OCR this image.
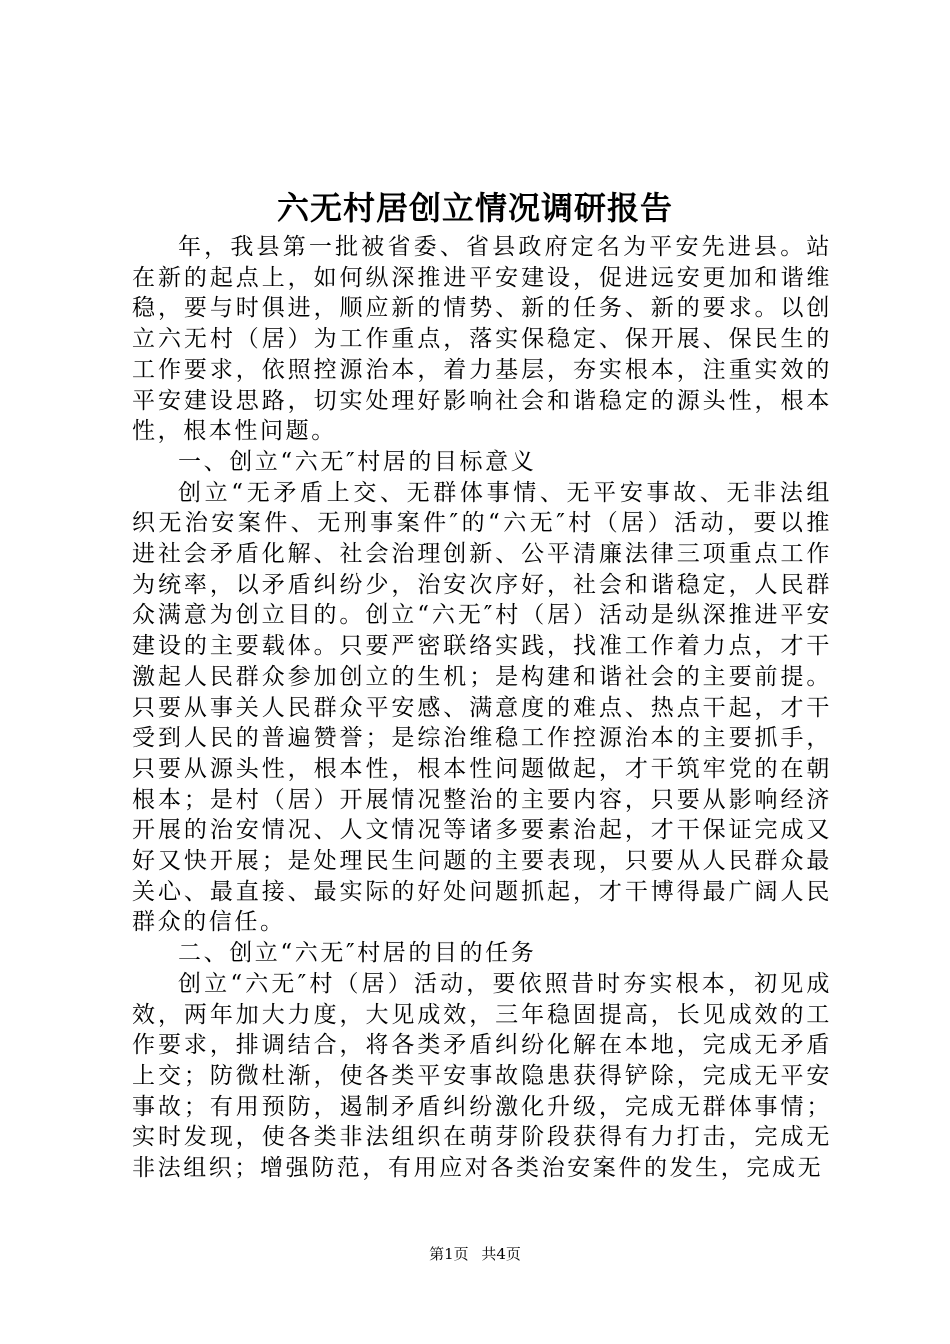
六无村居创立情况调研报告

年，我县第一批被省委、省县政府定名为平安先进县。站在新的起点上，如何纵深推进平安建设，促进远安更加和谐维稳，要与时俱进，顺应新的情势、新的任务、新的要求。以创立六无村（居）为工作重点，落实保稳定、保开展、保民生的工作要求，依照控源治本，着力基层，夯实根本，注重实效的平安建设思路，切实处理好影响社会和谐稳定的源头性，根本性，根本性问题。

一、创立“六无″村居的目标意义

创立“无矛盾上交、无群体事情、无平安事故、无非法组织无治安案件、无刑事案件″的“六无″村（居）活动，要以推进社会矛盾化解、社会治理创新、公平清廉法律三项重点工作为统率，以矛盾纠纷少，治安次序好，社会和谐稳定，人民群众满意为创立目的。创立“六无″村（居）活动是纵深推进平安建设的主要载体。只要严密联络实践，找准工作着力点，才干激起人民群众参加创立的生机；是构建和谐社会的主要前提。只要从事关人民群众平安感、满意度的难点、热点干起，才干受到人民的普遍赞誉；是综治维稳工作控源治本的主要抓手，只要从源头性，根本性，根本性问题做起，才干筑牢党的在朝根本；是村（居）开展情况整治的主要内容，只要从影响经济开展的治安情况、人文情况等诸多要素治起，才干保证完成又好又快开展；是处理民生问题的主要表现，只要从人民群众最关心、最直接、最实际的好处问题抓起，才干博得最广阔人民群众的信任。

二、创立“六无″村居的目的任务

创立“六无″村（居）活动，要依照昔时夯实根本，初见成效，两年加大力度，大见成效，三年稳固提高，长见成效的工作要求，排调结合，将各类矛盾纠纷化解在本地，完成无矛盾上交；防微杜渐，使各类平安事故隐患获得铲除，完成无平安事故；有用预防，遏制矛盾纠纷激化升级，完成无群体事情；实时发现，使各类非法组织在萌芽阶段获得有力打击，完成无非法组织；增强防范，有用应对各类治安案件的发生，完成无

第1页 共4页
